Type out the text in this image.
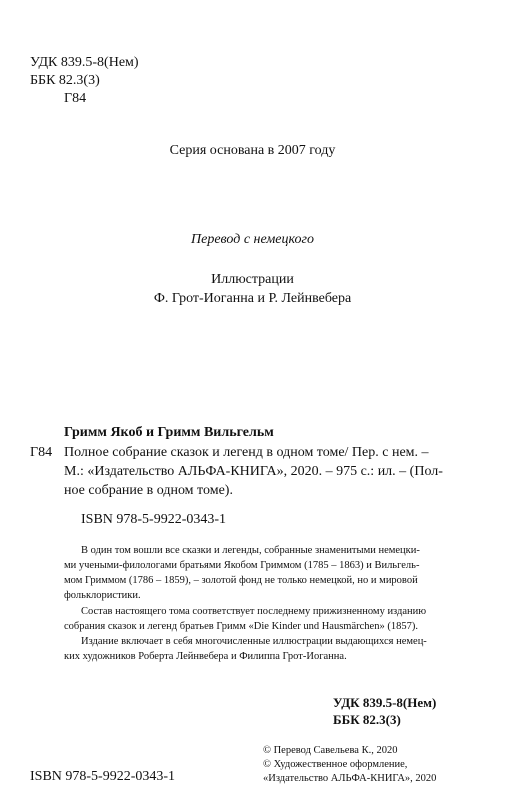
УДК 839.5-8(Нем)
ББК 82.3(3)
Г84
Серия основана в 2007 году
Перевод с немецкого
Иллюстрации
Ф. Грот-Иоганна и Р. Лейнвебера
Гримм Якоб и Гримм Вильгельм
Г84 Полное собрание сказок и легенд в одном томе/ Пер. с нем. –
М.: «Издательство АЛЬФА-КНИГА», 2020. – 975 с.: ил. – (Пол-
ное собрание в одном томе).
ISBN 978-5-9922-0343-1
В один том вошли все сказки и легенды, собранные знаменитыми немецки-
ми учеными-филологами братьями Якобом Гриммом (1785 – 1863) и Вильгель-
мом Гриммом (1786 – 1859), – золотой фонд не только немецкой, но и мировой
фольклористики.
Состав настоящего тома соответствует последнему прижизненному изданию
собрания сказок и легенд братьев Гримм «Die Kinder und Hausmärchen» (1857).
Издание включает в себя многочисленные иллюстрации выдающихся немец-
ких художников Роберта Лейнвебера и Филиппа Грот-Иоганна.
УДК 839.5-8(Нем)
ББК 82.3(3)
© Перевод Савельева К., 2020
© Художественное оформление,
«Издательство АЛЬФА-КНИГА», 2020
ISBN 978-5-9922-0343-1
